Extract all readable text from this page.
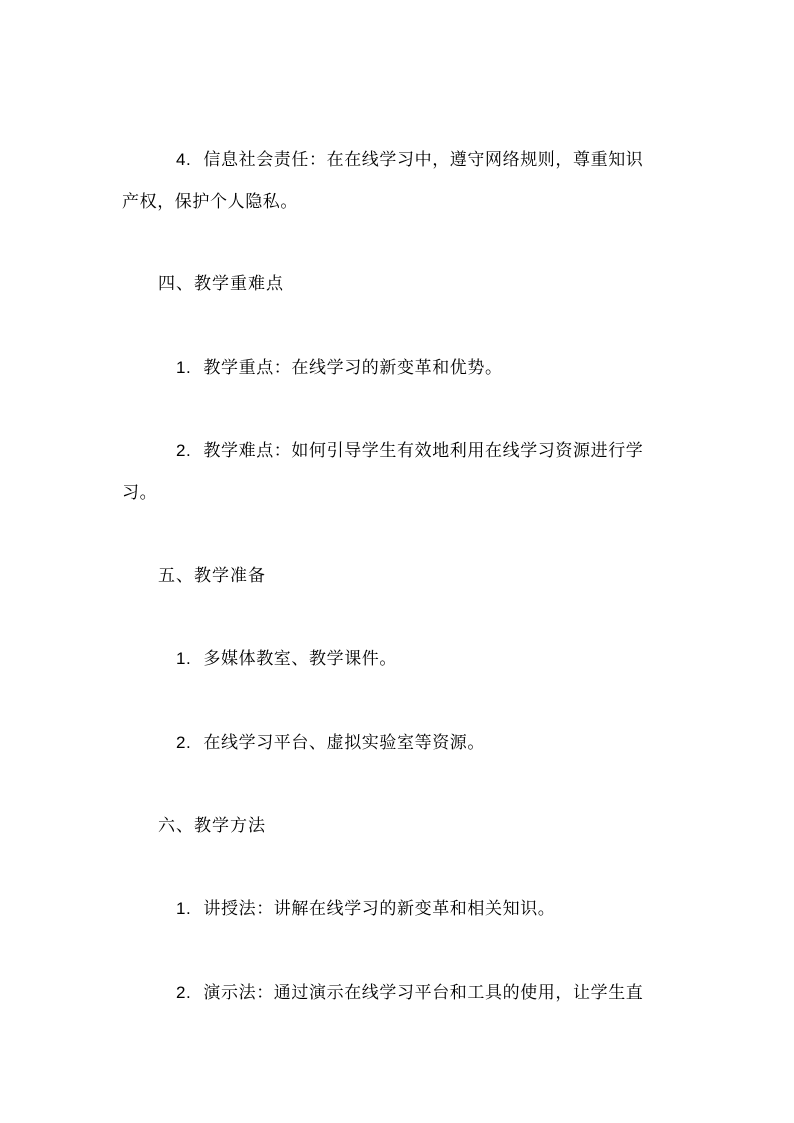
4. 信息社会责任：在在线学习中，遵守网络规则，尊重知识
产权，保护个人隐私。
四、教学重难点
1. 教学重点：在线学习的新变革和优势。
2. 教学难点：如何引导学生有效地利用在线学习资源进行学
习。
五、教学准备
1. 多媒体教室、教学课件。
2. 在线学习平台、虚拟实验室等资源。
六、教学方法
1. 讲授法：讲解在线学习的新变革和相关知识。
2. 演示法：通过演示在线学习平台和工具的使用，让学生直
